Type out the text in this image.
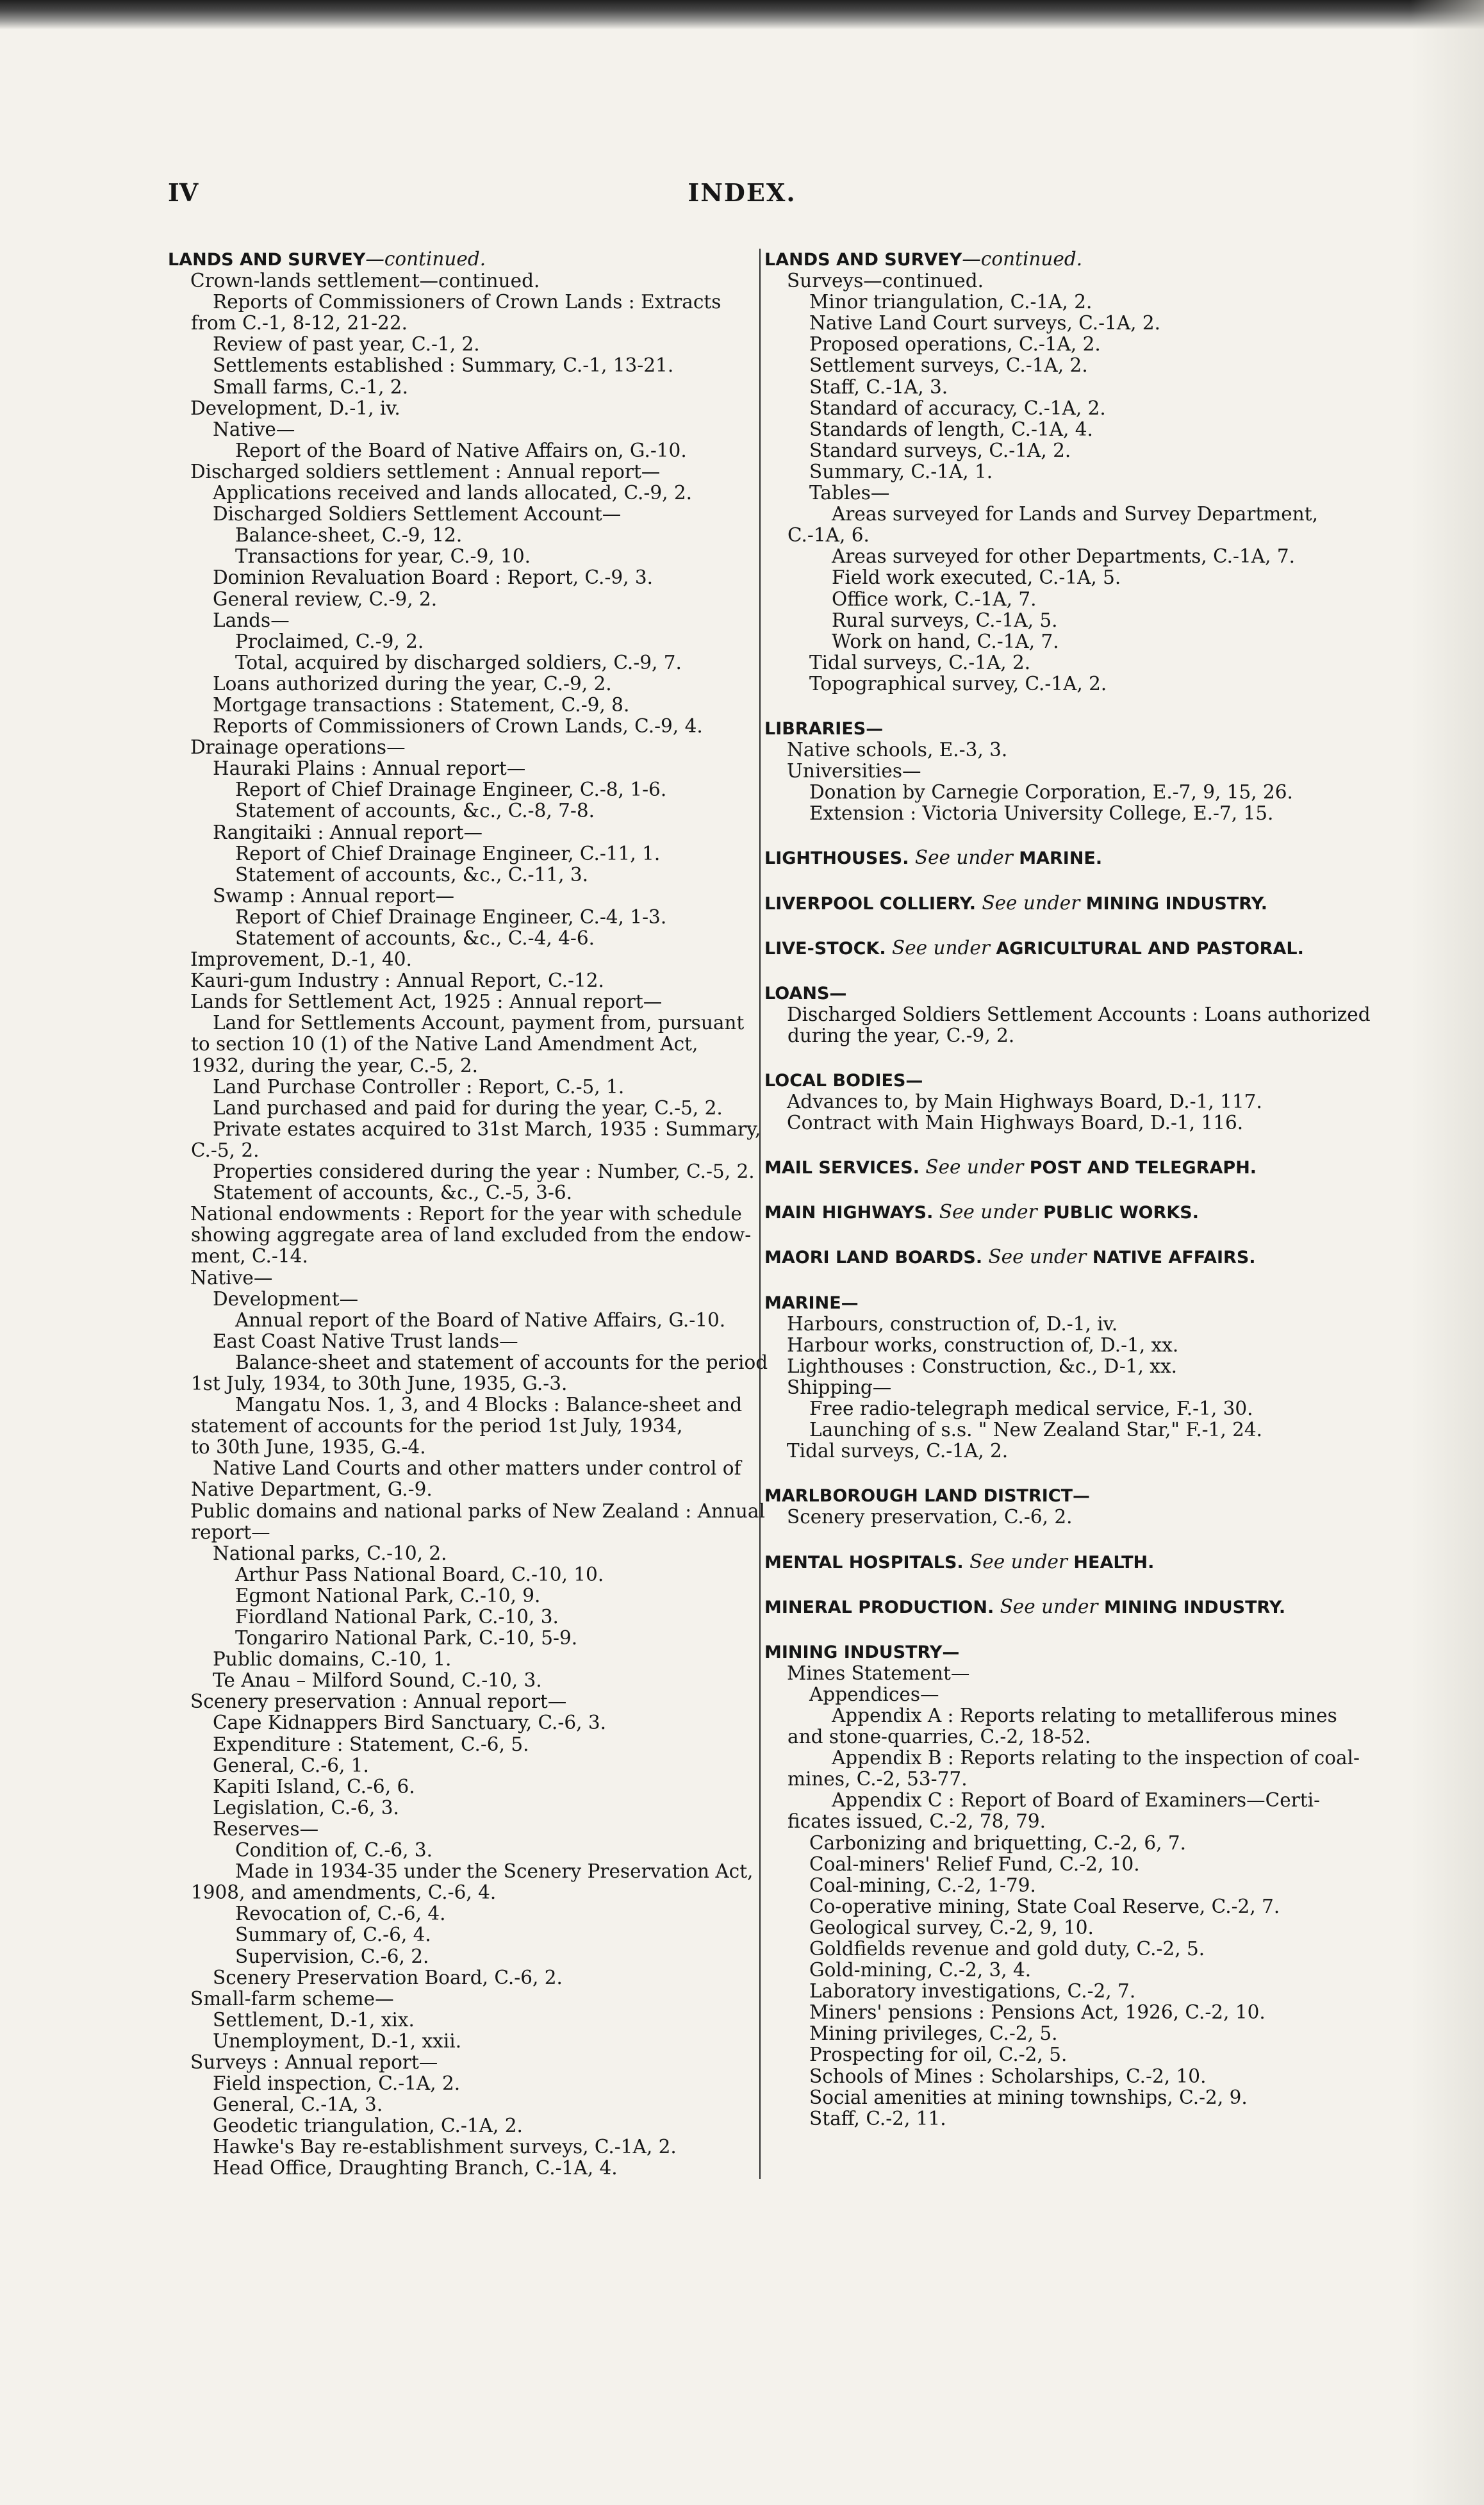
INDEX.
IV
LANDS AND SURVEY—continued.
Crown-lands settlement—continued.
Reports of Commissioners of Crown Lands : Extracts
from C.-1, 8-12, 21-22.
Review of past year, C.-1, 2.
Settlements established : Summary, C.-1, 13-21.
Small farms, C.-1, 2.
Development, D.-1, iv.
Native—
Report of the Board of Native Affairs on, G.-10.
Discharged soldiers settlement : Annual report—
Applications received and lands allocated, C.-9, 2.
Discharged Soldiers Settlement Account—
Balance-sheet, C.-9, 12.
Transactions for year, C.-9, 10.
Dominion Revaluation Board : Report, C.-9, 3.
General review, C.-9, 2.
Lands—
Proclaimed, C.-9, 2.
Total, acquired by discharged soldiers, C.-9, 7.
Loans authorized during the year, C.-9, 2.
Mortgage transactions : Statement, C.-9, 8.
Reports of Commissioners of Crown Lands, C.-9, 4.
Drainage operations—
Hauraki Plains : Annual report—
Report of Chief Drainage Engineer, C.-8, 1-6.
Statement of accounts, &c., C.-8, 7-8.
Rangitaiki : Annual report—
Report of Chief Drainage Engineer, C.-11, 1.
Statement of accounts, &c., C.-11, 3.
Swamp : Annual report—
Report of Chief Drainage Engineer, C.-4, 1-3.
Statement of accounts, &c., C.-4, 4-6.
Improvement, D.-1, 40.
Kauri-gum Industry : Annual Report, C.-12.
Lands for Settlement Act, 1925 : Annual report—
Land for Settlements Account, payment from, pursuant
to section 10 (1) of the Native Land Amendment Act,
1932, during the year, C.-5, 2.
Land Purchase Controller : Report, C.-5, 1.
Land purchased and paid for during the year, C.-5, 2.
Private estates acquired to 31st March, 1935 : Summary,
C.-5, 2.
Properties considered during the year : Number, C.-5, 2.
Statement of accounts, &c., C.-5, 3-6.
National endowments : Report for the year with schedule
showing aggregate area of land excluded from the endow-
ment, C.-14.
Native—
Development—
Annual report of the Board of Native Affairs, G.-10.
East Coast Native Trust lands—
Balance-sheet and statement of accounts for the period
1st July, 1934, to 30th June, 1935, G.-3.
Mangatu Nos. 1, 3, and 4 Blocks : Balance-sheet and
statement of accounts for the period 1st July, 1934,
to 30th June, 1935, G.-4.
Native Land Courts and other matters under control of
Native Department, G.-9.
Public domains and national parks of New Zealand : Annual
report—
National parks, C.-10, 2.
Arthur Pass National Board, C.-10, 10.
Egmont National Park, C.-10, 9.
Fiordland National Park, C.-10, 3.
Tongariro National Park, C.-10, 5-9.
Public domains, C.-10, 1.
Te Anau – Milford Sound, C.-10, 3.
Scenery preservation : Annual report—
Cape Kidnappers Bird Sanctuary, C.-6, 3.
Expenditure : Statement, C.-6, 5.
General, C.-6, 1.
Kapiti Island, C.-6, 6.
Legislation, C.-6, 3.
Reserves—
Condition of, C.-6, 3.
Made in 1934-35 under the Scenery Preservation Act,
1908, and amendments, C.-6, 4.
Revocation of, C.-6, 4.
Summary of, C.-6, 4.
Supervision, C.-6, 2.
Scenery Preservation Board, C.-6, 2.
Small-farm scheme—
Settlement, D.-1, xix.
Unemployment, D.-1, xxii.
Surveys : Annual report—
Field inspection, C.-1A, 2.
General, C.-1A, 3.
Geodetic triangulation, C.-1A, 2.
Hawke's Bay re-establishment surveys, C.-1A, 2.
Head Office, Draughting Branch, C.-1A, 4.
LANDS AND SURVEY—continued.
Surveys—continued.
Minor triangulation, C.-1A, 2.
Native Land Court surveys, C.-1A, 2.
Proposed operations, C.-1A, 2.
Settlement surveys, C.-1A, 2.
Staff, C.-1A, 3.
Standard of accuracy, C.-1A, 2.
Standards of length, C.-1A, 4.
Standard surveys, C.-1A, 2.
Summary, C.-1A, 1.
Tables—
Areas surveyed for Lands and Survey Department,
C.-1A, 6.
Areas surveyed for other Departments, C.-1A, 7.
Field work executed, C.-1A, 5.
Office work, C.-1A, 7.
Rural surveys, C.-1A, 5.
Work on hand, C.-1A, 7.
Tidal surveys, C.-1A, 2.
Topographical survey, C.-1A, 2.
LIBRARIES—
Native schools, E.-3, 3.
Universities—
Donation by Carnegie Corporation, E.-7, 9, 15, 26.
Extension : Victoria University College, E.-7, 15.
LIGHTHOUSES. See under MARINE.
LIVERPOOL COLLIERY. See under MINING INDUSTRY.
LIVE-STOCK. See under AGRICULTURAL AND PASTORAL.
LOANS—
Discharged Soldiers Settlement Accounts : Loans authorized
during the year, C.-9, 2.
LOCAL BODIES—
Advances to, by Main Highways Board, D.-1, 117.
Contract with Main Highways Board, D.-1, 116.
MAIL SERVICES. See under POST AND TELEGRAPH.
MAIN HIGHWAYS. See under PUBLIC WORKS.
MAORI LAND BOARDS. See under NATIVE AFFAIRS.
MARINE—
Harbours, construction of, D.-1, iv.
Harbour works, construction of, D.-1, xx.
Lighthouses : Construction, &c., D-1, xx.
Shipping—
Free radio-telegraph medical service, F.-1, 30.
Launching of s.s. " New Zealand Star," F.-1, 24.
Tidal surveys, C.-1A, 2.
MARLBOROUGH LAND DISTRICT—
Scenery preservation, C.-6, 2.
MENTAL HOSPITALS. See under HEALTH.
MINERAL PRODUCTION. See under MINING INDUSTRY.
MINING INDUSTRY—
Mines Statement—
Appendices—
Appendix A : Reports relating to metalliferous mines
and stone-quarries, C.-2, 18-52.
Appendix B : Reports relating to the inspection of coal-
mines, C.-2, 53-77.
Appendix C : Report of Board of Examiners—Certi-
ficates issued, C.-2, 78, 79.
Carbonizing and briquetting, C.-2, 6, 7.
Coal-miners' Relief Fund, C.-2, 10.
Coal-mining, C.-2, 1-79.
Co-operative mining, State Coal Reserve, C.-2, 7.
Geological survey, C.-2, 9, 10.
Goldfields revenue and gold duty, C.-2, 5.
Gold-mining, C.-2, 3, 4.
Laboratory investigations, C.-2, 7.
Miners' pensions : Pensions Act, 1926, C.-2, 10.
Mining privileges, C.-2, 5.
Prospecting for oil, C.-2, 5.
Schools of Mines : Scholarships, C.-2, 10.
Social amenities at mining townships, C.-2, 9.
Staff, C.-2, 11.
